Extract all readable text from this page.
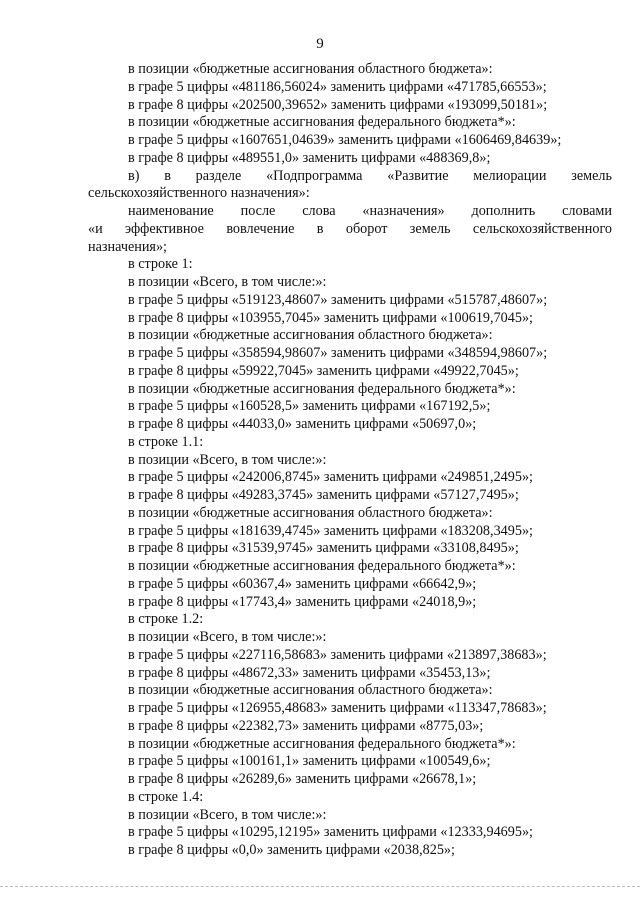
9
в позиции «бюджетные ассигнования областного бюджета»:
в графе 5 цифры «481186,56024» заменить цифрами «471785,66553»;
в графе 8 цифры «202500,39652» заменить цифрами «193099,50181»;
в позиции «бюджетные ассигнования федерального бюджета*»:
в графе 5 цифры «1607651,04639» заменить цифрами «1606469,84639»;
в графе 8 цифры «489551,0» заменить цифрами «488369,8»;
в) в разделе «Подпрограмма «Развитие мелиорации земель
сельскохозяйственного назначения»:
наименование после слова «назначения» дополнить словами
«и эффективное вовлечение в оборот земель сельскохозяйственного
назначения»;
в строке 1:
в позиции «Всего, в том числе:»:
в графе 5 цифры «519123,48607» заменить цифрами «515787,48607»;
в графе 8 цифры «103955,7045» заменить цифрами «100619,7045»;
в позиции «бюджетные ассигнования областного бюджета»:
в графе 5 цифры «358594,98607» заменить цифрами «348594,98607»;
в графе 8 цифры «59922,7045» заменить цифрами «49922,7045»;
в позиции «бюджетные ассигнования федерального бюджета*»:
в графе 5 цифры «160528,5» заменить цифрами «167192,5»;
в графе 8 цифры «44033,0» заменить цифрами «50697,0»;
в строке 1.1:
в позиции «Всего, в том числе:»:
в графе 5 цифры «242006,8745» заменить цифрами «249851,2495»;
в графе 8 цифры «49283,3745» заменить цифрами «57127,7495»;
в позиции «бюджетные ассигнования областного бюджета»:
в графе 5 цифры «181639,4745» заменить цифрами «183208,3495»;
в графе 8 цифры «31539,9745» заменить цифрами «33108,8495»;
в позиции «бюджетные ассигнования федерального бюджета*»:
в графе 5 цифры «60367,4» заменить цифрами «66642,9»;
в графе 8 цифры «17743,4» заменить цифрами «24018,9»;
в строке 1.2:
в позиции «Всего, в том числе:»:
в графе 5 цифры «227116,58683» заменить цифрами «213897,38683»;
в графе 8 цифры «48672,33» заменить цифрами «35453,13»;
в позиции «бюджетные ассигнования областного бюджета»:
в графе 5 цифры «126955,48683» заменить цифрами «113347,78683»;
в графе 8 цифры «22382,73» заменить цифрами «8775,03»;
в позиции «бюджетные ассигнования федерального бюджета*»:
в графе 5 цифры «100161,1» заменить цифрами «100549,6»;
в графе 8 цифры «26289,6» заменить цифрами «26678,1»;
в строке 1.4:
в позиции «Всего, в том числе:»:
в графе 5 цифры «10295,12195» заменить цифрами «12333,94695»;
в графе 8 цифры «0,0» заменить цифрами «2038,825»;
